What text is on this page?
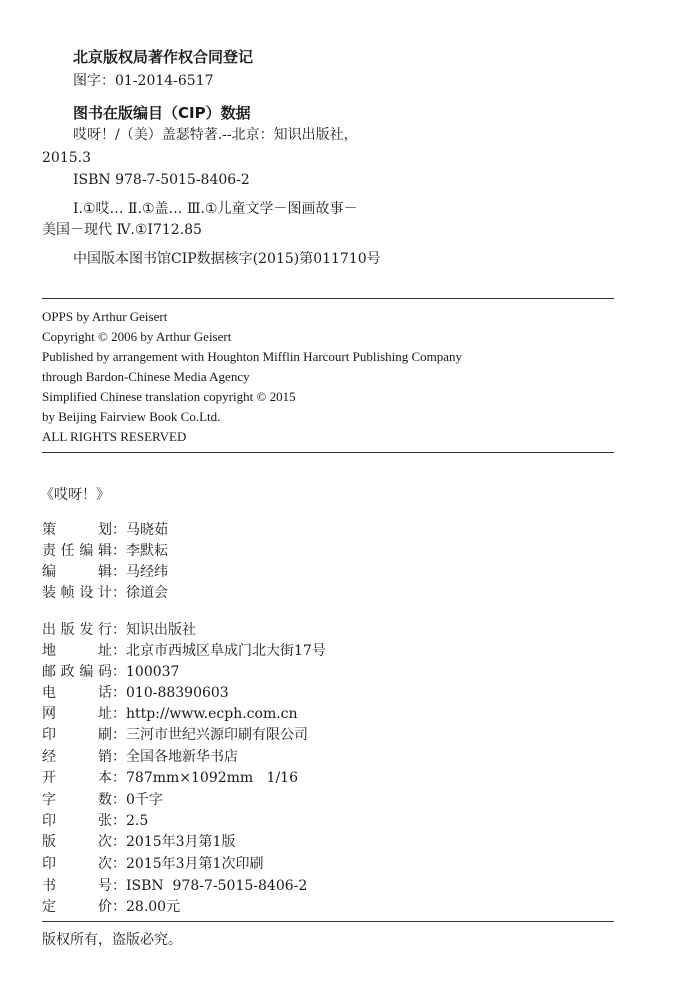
北京版权局著作权合同登记
图字：01-2014-6517
图书在版编目（CIP）数据
哎呀！/（美）盖瑟特著.--北京：知识出版社，
2015.3
ISBN 978-7-5015-8406-2
Ⅰ.①哎… Ⅱ.①盖… Ⅲ.①儿童文学－图画故事－
美国－现代 Ⅳ.①I712.85
中国版本图书馆CIP数据核字(2015)第011710号
OPPS by Arthur Geisert
Copyright © 2006 by Arthur Geisert
Published by arrangement with Houghton Mifflin Harcourt Publishing Company
through Bardon-Chinese Media Agency
Simplified Chinese translation copyright © 2015
by Beijing Fairview Book Co.Ltd.
ALL RIGHTS RESERVED
《哎呀！》
策划：马晓茹
责任编辑：李默耘
编辑：马经纬
装帧设计：徐道会
出版发行：知识出版社
地址：北京市西城区阜成门北大街17号
邮政编码：100037
电话：010-88390603
网址：http://www.ecph.com.cn
印刷：三河市世纪兴源印刷有限公司
经销：全国各地新华书店
开本：787mm×1092mm   1/16
字数：0千字
印张：2.5
版次：2015年3月第1版
印次：2015年3月第1次印刷
书号：ISBN  978-7-5015-8406-2
定价：28.00元
版权所有，盗版必究。
